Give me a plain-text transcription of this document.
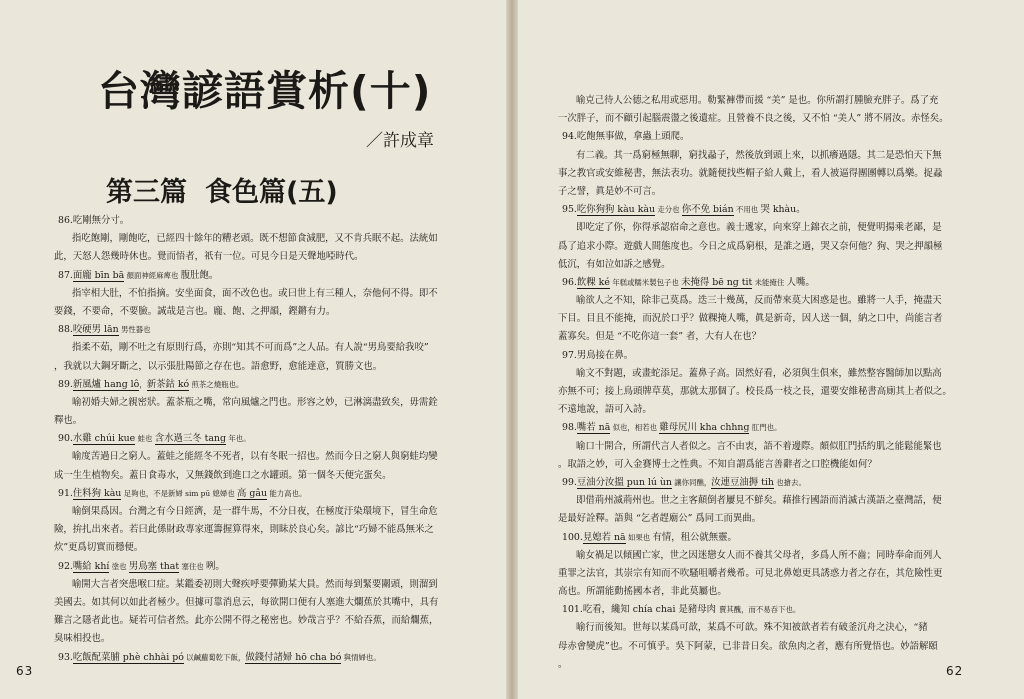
台灣諺語賞析(十)
／許成章
第三篇 食色篇(五)
86.吃剛無分寸。
指吃飽剛，剛飽吃，已經四十餘年的糟老頭。既不想節食減肥，又不肯兵眠不起。法統如
此，天怒人怨幾時休也。覺而悟者，祇有一位。可見今日是天聲地啞時代。
87.面龐 bīn bā 顏面神經麻痺也 腹肚飽。
指宰相大肚，不怕指摘。安坐面食，面不改色也。或曰世上有三種人，奈他何不得。即不
要錢，不要命，不要臉。誠哉是言也。龐、飽、之押韻，鏗鏘有力。
88.咬硬男 lān 男性器也
指柔不茹，剛不吐之有原則行爲，亦則“知其不可而爲”之人品。有人說“男鳥要給我咬”
，我就以大鋼牙斷之，以示張肚陽節之存在也。語愈野，愈能達意，質勝文也。
89.新風爐 hang lô，新茶鈷 kó 煎茶之燒瓶也。
喻初婚夫婦之親密狀。蓋茶瓶之嘴，常向風爐之門也。形容之妙，已淋漓盡致矣，毋需銓
釋也。
90.水雞 chúi kue 蛙也 含水過三冬 tang 年也。
喻度苦過日之窮人。蓋蛙之能經冬不死者，以有冬眠一招也。然而今日之窮人與窮蛙均變
成一生生植物矣。蓋日食毒水，又無錢飲到進口之水罐頭。第一個冬天便完蛋矣。
91.住料狗 kàu 足夠也，不是新婦 sim pū 媳婦也 高 gâu 能力高也。
喻倒果爲因。台灣之有今日經濟，是一群牛馬，不分日夜，在極度汙染環境下，冒生命危
險，拚扎出來者。若曰此係財政專家運籌握算得來，則眛於良心矣。諺比“巧婦不能爲無米之
炊”更爲切實而穩便。
92.嘴給 khí 塗也 男鳥塞 that 塞住也 咧。
喻開大言者突患喉口症。某鑑委初則大聲疾呼要彈勤某大員。然而每到緊要關頭，則溜到
美國去。如其何以如此者極少。但據可靠消息云，每欲開口便有人塞進大爛蕉於其嘴中，具有
難言之隱者此也。疑若可信者然。此亦公開不得之秘密也。妙哉言乎？不給吞蕉，而給爛蕉，
臭味相投也。
93.吃飯配菜脯 phè chhài pó 以鹹蘿蔔乾下飯，做錢付諸婦 hō cha bó 與情婦也。
63
喻克己待人公德之私用或惡用。勒緊褲帶而援 “美” 是也。你所謂打腫臉充胖子。爲了充
一次胖子，而不顧引起腦震盪之後遺症。且營養不良之後，又不怕 “美人” 將不屑汝。赤怪矣。
94.吃飽無事做，拿蟲上頭爬。
有二義。其一爲窮極無聊，窮找蝨子，然後放到頭上來，以抓癢過隱。其二是恐怕天下無
事之教官或安維秘書，無法表功。就隨便找些帽子給人戴上，看人被逼得團團轉以爲樂。捉蝨
子之譬，眞是妙不可言。
95.吃你狗狗 kàu kàu 走分也 你不免 bián 不用也 哭 khàu。
即吃定了你，你得承認宿命之意也。義士遞家，向來穿上錦衣之前，便覺明揚乘老鄙，是
爲了追求小際。遊戲人間態度也。今日之成爲窮根，是誰之過，哭又奈何他？狗、哭之押韻極
低沉，有如泣如訴之感覺。
96.飲粿 ké 年糕或糯米製包子也 未掩得 bē ng tit 未能掩住 人嘴。
喻欲人之不知，除非己莫爲。迭三十幾萬，反而帶來莫大困惑是也。雖將一人手，掩盡天
下目。目且不能掩，而況於口乎？做粿掩人嘴，眞是新奇，因人送一個，納之口中，尚能言者
蓋寡矣。但是 “不吃你這一套” 者，大有人在也？
97.男鳥接在鼻。
喻文不對題，或畫蛇添足。蓋鼻子高。固然好看，必須與生俱來，雖然整容醫師加以點高
亦無不可；接上鳥頭牌草莫，那就太那個了。校長爲一枝之長，還要安維秘書高廁其上者似之。
不遠地說，語可入詩。
98.嘴若 nā 似也，相若也 雞母尻川 kha chhng 肛門也。
喻口十開合，所謂代言人者似之。言不由衷，語不着邊際。頗似肛門括約肌之能鬆能緊也
。取語之妙，可入金賽博士之性典。不知自謂爲能言善辭者之口腔機能如何？
99.豆油分汝搵 pun lú ùn 讓你同醮，汝連豆油搙 tih 也搶去。
即借荊州滅荊州也。世之主客顛倒者屢見不鮮矣。藉推行國語而消滅古漢語之臺灣話，便
是最好詮釋。語與 “乞者趕廟公” 爲同工而異曲。
100.見媳若 nā 如果也 有情，租公就無靈。
喻女禍足以傾國亡家，世之因迷戀女人而不養其父母者，多爲人所不齒；同時奉命而列人
重罪之法官，其崇宗有知而不吹騷咀嚼者幾希。可見北鼻媳更具誘惑力者之存在，其危險性更
高也。所謂能動搖國本者，非此莫屬也。
101.吃看，纔知 chía chai 是豬母肉 賣其醜，而不易吞下也。
喻行而後知。世每以某爲可歆，某爲不可歆。殊不知被歆者若有破釜沉舟之決心，“豬
母赤會變虎”也。不可慎乎。吳下阿蒙，已非昔日矣。欲魚肉之者，應有所覺悟也。妙語解頤
。	62
